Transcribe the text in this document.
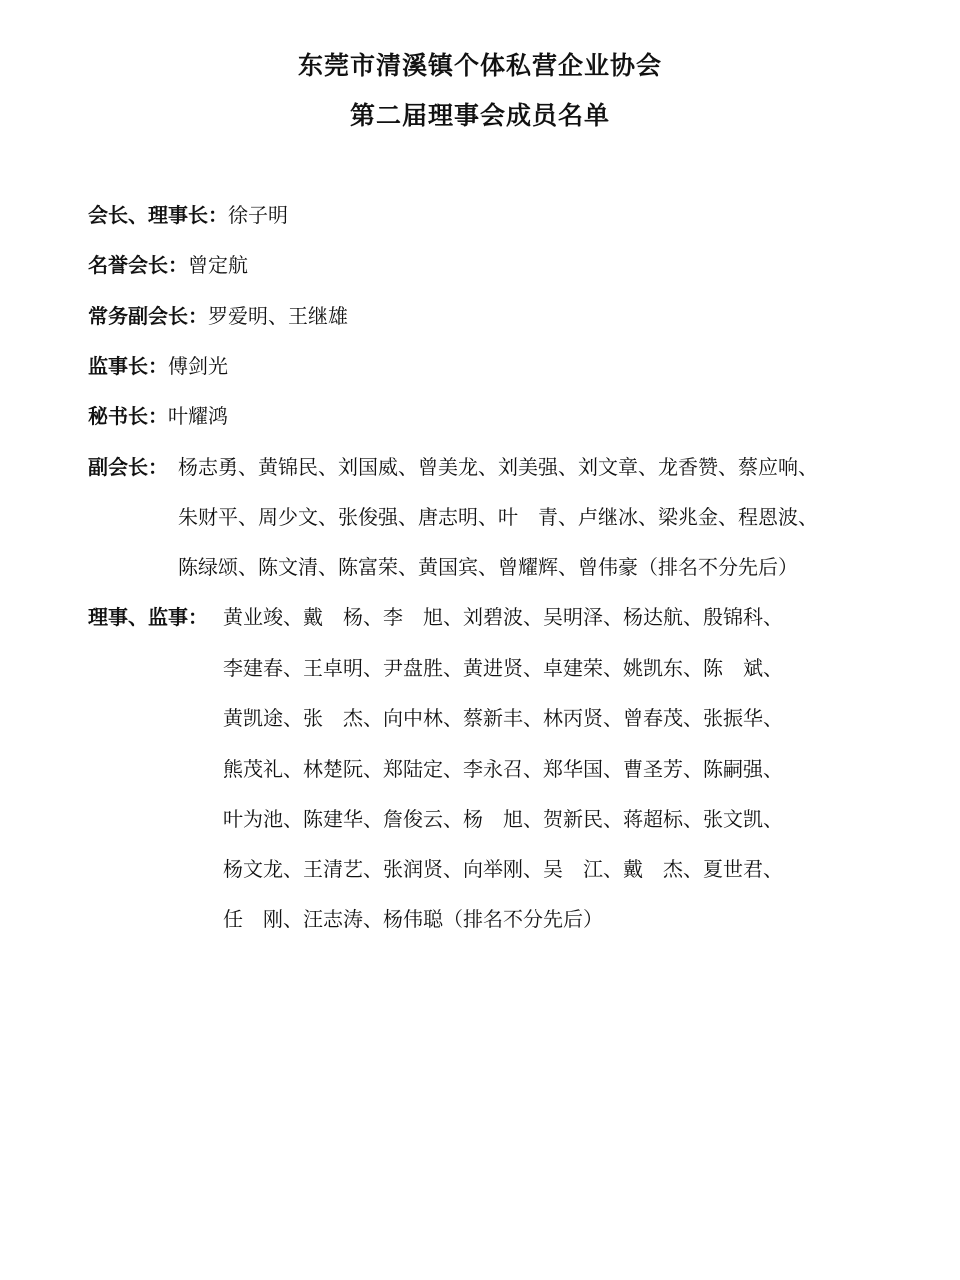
东莞市清溪镇个体私营企业协会
第二届理事会成员名单
会长、理事长：徐子明
名誉会长：曾定航
常务副会长：罗爱明、王继雄
监事长：傅剑光
秘书长：叶耀鸿
副会长： 杨志勇、黄锦民、刘国威、曾美龙、刘美强、刘文章、龙香赞、蔡应响、
朱财平、周少文、张俊强、唐志明、叶　青、卢继冰、梁兆金、程恩波、
陈绿颂、陈文清、陈富荣、黄国宾、曾耀辉、曾伟豪（排名不分先后）
理事、监事： 黄业竣、戴　杨、李　旭、刘碧波、吴明泽、杨达航、殷锦科、
李建春、王卓明、尹盘胜、黄进贤、卓建荣、姚凯东、陈　斌、
黄凯途、张　杰、向中林、蔡新丰、林丙贤、曾春茂、张振华、
熊茂礼、林楚阮、郑陆定、李永召、郑华国、曹圣芳、陈嗣强、
叶为池、陈建华、詹俊云、杨　旭、贺新民、蒋超标、张文凯、
杨文龙、王清艺、张润贤、向举刚、吴　江、戴　杰、夏世君、
任　刚、汪志涛、杨伟聪（排名不分先后）
